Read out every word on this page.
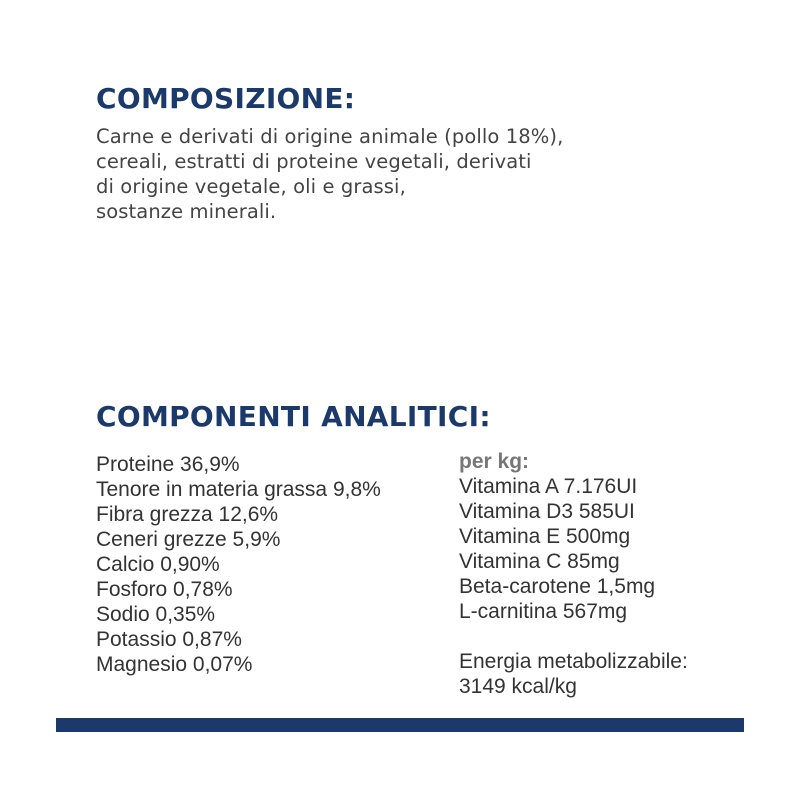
COMPOSIZIONE:
Carne e derivati di origine animale (pollo 18%),
cereali, estratti di proteine vegetali, derivati
di origine vegetale, oli e grassi,
sostanze minerali.
COMPONENTI ANALITICI:
Proteine 36,9%
Tenore in materia grassa 9,8%
Fibra grezza 12,6%
Ceneri grezze 5,9%
Calcio 0,90%
Fosforo 0,78%
Sodio 0,35%
Potassio 0,87%
Magnesio 0,07%
per kg:
Vitamina A 7.176UI
Vitamina D3 585UI
Vitamina E 500mg
Vitamina C 85mg
Beta-carotene 1,5mg
L-carnitina 567mg
Energia metabolizzabile:
3149 kcal/kg
